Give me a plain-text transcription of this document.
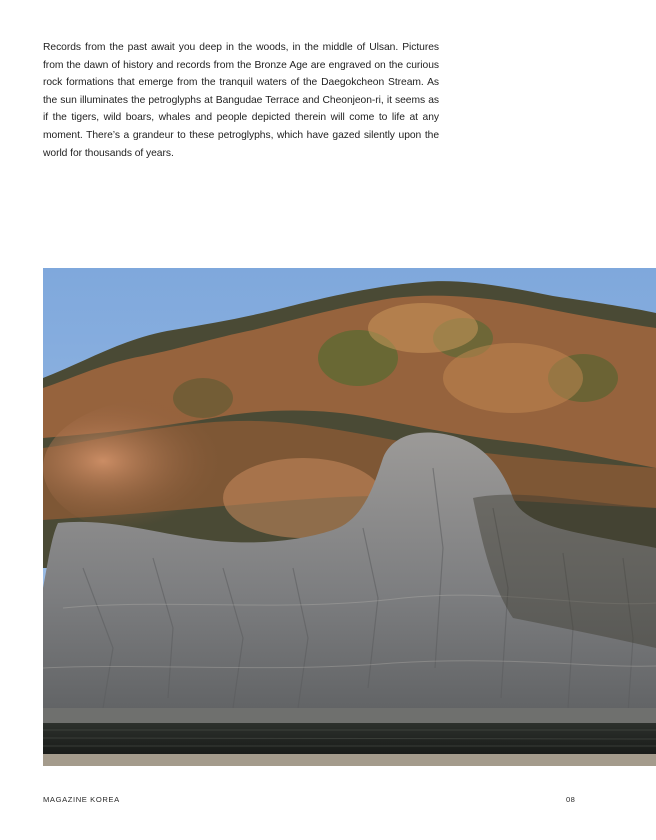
Records from the past await you deep in the woods, in the middle of Ulsan. Pictures from the dawn of history and records from the Bronze Age are engraved on the curious rock formations that emerge from the tranquil waters of the Daegokcheon Stream. As the sun illuminates the petroglyphs at Bangudae Terrace and Cheonjeon-ri, it seems as if the tigers, wild boars, whales and people depicted therein will come to life at any moment. There’s a grandeur to these petroglyphs, which have gazed silently upon the world for thousands of years.

MAGAZINE KOREA	08
